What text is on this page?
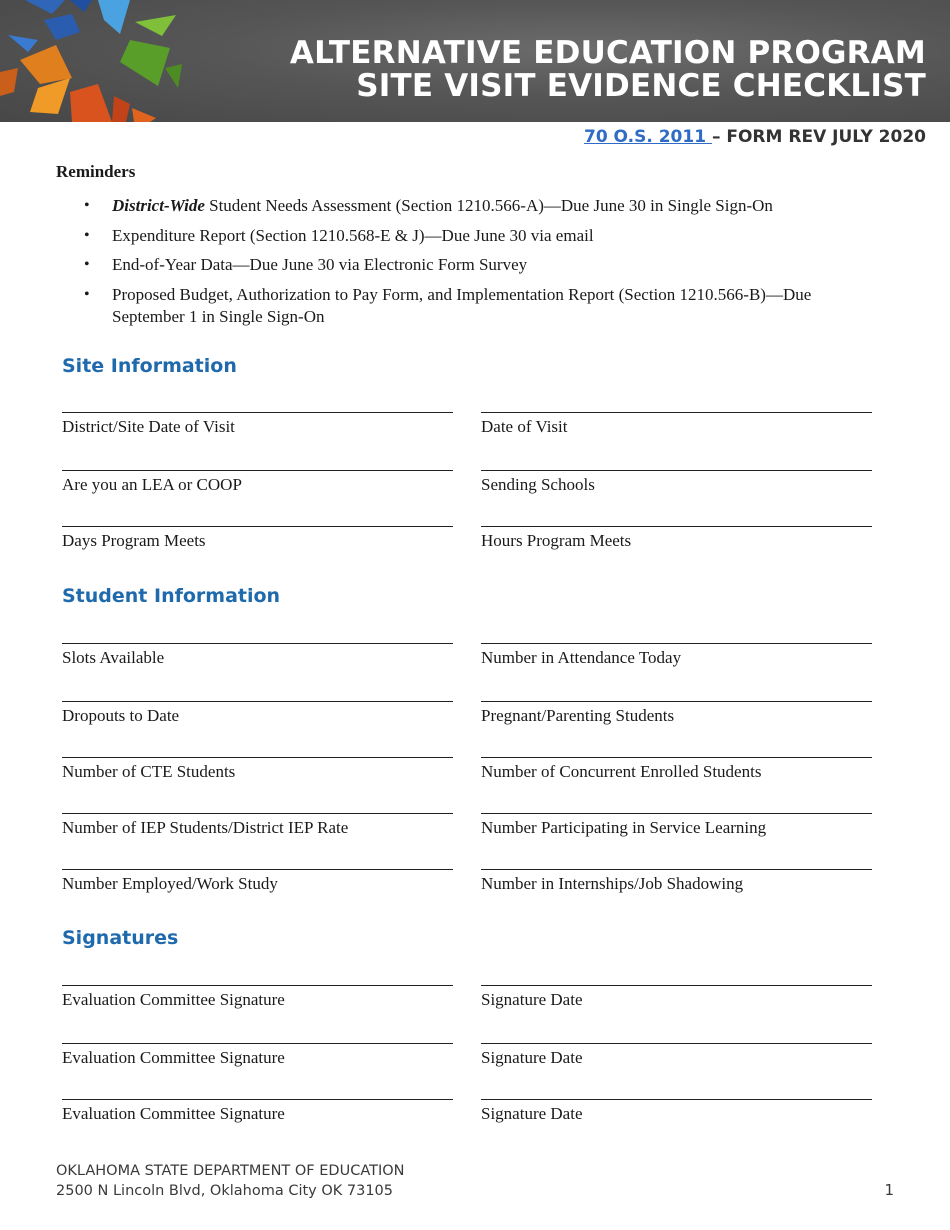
ALTERNATIVE EDUCATION PROGRAM
SITE VISIT EVIDENCE CHECKLIST
70 O.S. 2011 – FORM REV JULY 2020
Reminders
• District-Wide Student Needs Assessment (Section 1210.566-A)—Due June 30 in Single Sign-On
• Expenditure Report (Section 1210.568-E & J)—Due June 30 via email
• End-of-Year Data—Due June 30 via Electronic Form Survey
• Proposed Budget, Authorization to Pay Form, and Implementation Report (Section 1210.566-B)—Due September 1 in Single Sign-On
Site Information
District/Site Date of Visit	Date of Visit
Are you an LEA or COOP	Sending Schools
Days Program Meets	Hours Program Meets
Student Information
Slots Available	Number in Attendance Today
Dropouts to Date	Pregnant/Parenting Students
Number of CTE Students	Number of Concurrent Enrolled Students
Number of IEP Students/District IEP Rate	Number Participating in Service Learning
Number Employed/Work Study	Number in Internships/Job Shadowing
Signatures
Evaluation Committee Signature	Signature Date
Evaluation Committee Signature	Signature Date
Evaluation Committee Signature	Signature Date
OKLAHOMA STATE DEPARTMENT OF EDUCATION
2500 N Lincoln Blvd, Oklahoma City OK 73105	1
